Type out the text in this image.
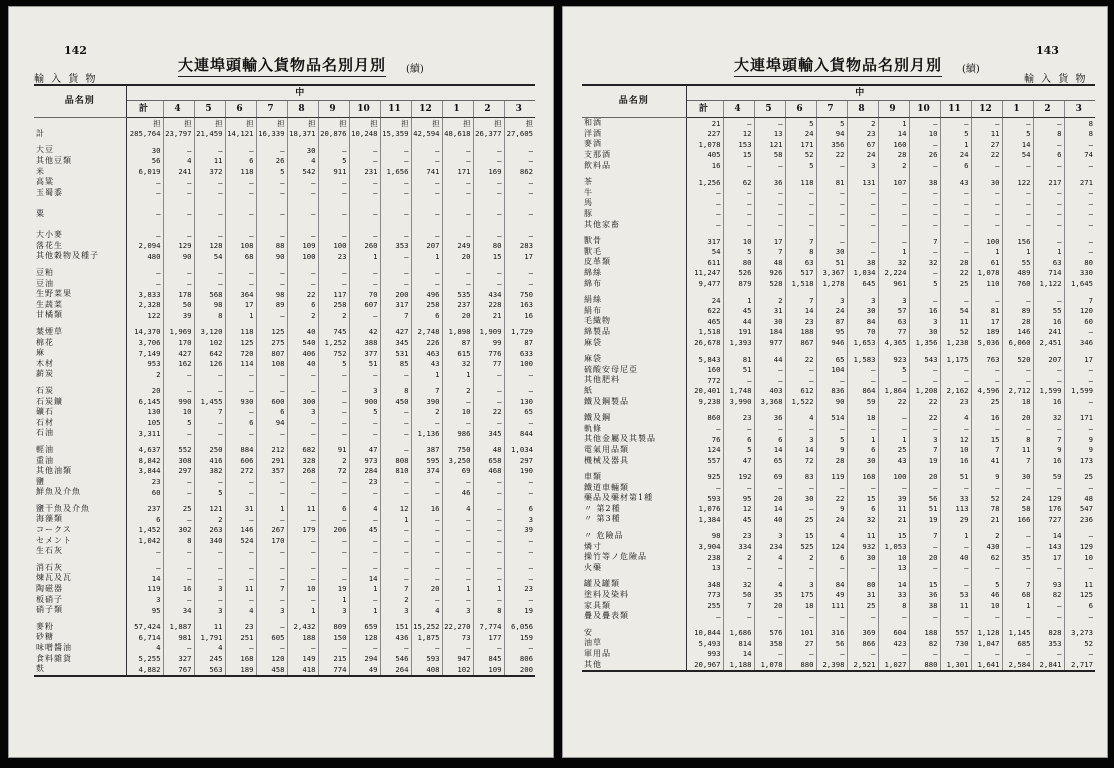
142
輸 入 貨 物
大連埠頭輸入貨物品名別月別 (續)
品名別	中												
	計	4	5	6	7	8	9	10	11	12	1	2	3
	担	担	担	担	担	担	担	担	担	担	担	担	担
計	285,764	23,797	21,459	14,121	16,339	18,371	20,876	10,248	15,359	42,594	48,618	26,377	27,605

大豆	30	—	—	—	—	30	—	—	—	—	—	—	—
其他豆類	56	4	11	6	26	4	5	—	—	—	—	—	—
米	6,019	241	372	118	5	542	911	231	1,656	741	171	169	862
高粱	—	—	—	—	—	—	—	—	—	—	—	—	—
玉蜀黍	—	—	—	—	—	—	—	—	—	—	—	—	—

粟	—	—	—	—	—	—	—	—	—	—	—	—	—

大小麥	—	—	—	—	—	—	—	—	—	—	—	—	—
落花生	2,094	129	128	108	88	109	100	260	353	207	249	80	283
其他穀物及種子	480	90	54	68	90	100	23	1	—	1	20	15	17

豆粕	—	—	—	—	—	—	—	—	—	—	—	—	—
豆油	—	—	—	—	—	—	—	—	—	—	—	—	—
生野菜果	3,833	178	568	364	98	22	117	70	200	496	535	434	750
生蔬菜	2,328	50	98	17	89	6	258	607	317	258	237	228	163
甘橘類	122	39	8	1	—	2	2	—	7	6	20	21	16

葉煙草	14,370	1,969	3,120	118	125	40	745	42	427	2,748	1,898	1,909	1,729
棉花	3,706	170	102	125	275	540	1,252	388	345	226	87	99	87
麻	7,149	427	642	720	807	406	752	377	531	463	615	776	633
木材	953	162	126	114	108	40	5	51	85	43	32	77	100
薪炭	2	—	—	—	—	—	—	—	—	1	1	—	—

石炭	20	—	—	—	—	—	—	3	8	7	2	—	—
石炭鑛	6,145	990	1,455	930	600	300	—	900	450	390	—	—	130
礦石	130	10	7	—	6	3	—	5	—	2	10	22	65
石材	105	5	—	6	94	—	—	—	—	—	—	—	—
石油	3,311	—	—	—	—	—	—	—	—	1,136	986	345	844

輕油	4,637	552	250	884	212	682	91	47	—	387	750	48	1,034
重油	8,842	308	416	606	291	328	2	973	808	595	3,250	658	297
其他油類	3,844	297	382	272	357	268	72	284	810	374	69	468	190
鹽	23	—	—	—	—	—	—	23	—	—	—	—	—
鮮魚及介魚	60	—	5	—	—	—	—	—	—	—	46	—	—

鹽干魚及介魚	237	25	121	31	1	11	6	4	12	16	4	—	6
海藻類	6	—	2	—	—	—	—	—	1	—	—	—	3
コークス	1,452	302	263	146	267	179	206	45	—	—	—	—	39
セメント	1,042	8	340	524	170	—	—	—	—	—	—	—	—
生石灰	—	—	—	—	—	—	—	—	—	—	—	—	—

消石灰	—	—	—	—	—	—	—	—	—	—	—	—	—
煉瓦及瓦	14	—	—	—	—	—	—	14	—	—	—	—	—
陶磁器	119	16	3	11	7	10	19	1	7	20	1	1	23
板硝子	3	—	—	—	—	—	1	—	2	—	—	—	—
硝子類	95	34	3	4	3	1	3	1	3	4	3	8	19

麥粉	57,424	1,887	11	23	—	2,432	809	659	151	15,252	22,270	7,774	6,056
砂糖	6,714	981	1,791	251	605	188	150	128	436	1,875	73	177	159
味噌醬油	4	—	4	—	—	—	—	—	—	—	—	—	—
食料雜貨	5,255	327	245	168	120	149	215	294	546	593	947	845	806
麩	4,882	767	563	189	458	418	774	49	264	408	102	109	200
143
輸 入 貨 物
大連埠頭輸入貨物品名別月別 (續)
品名別	中												
	計	4	5	6	7	8	9	10	11	12	1	2	3
和酒	21	—	—	5	5	2	1	—	—	—	—	—	8
洋酒	227	12	13	24	94	23	14	10	5	11	5	8	8
麥酒	1,078	153	121	171	356	67	160	—	1	27	14	—	—
支那酒	405	15	58	52	22	24	28	26	24	22	54	6	74
飲料品	16	—	—	5	—	3	2	—	6	—	—	—	—

茶	1,256	62	36	118	81	131	107	38	43	30	122	217	271
牛	—	—	—	—	—	—	—	—	—	—	—	—	—
馬	—	—	—	—	—	—	—	—	—	—	—	—	—
豚	—	—	—	—	—	—	—	—	—	—	—	—	—
其他家畜	—	—	—	—	—	—	—	—	—	—	—	—	—

獸骨	317	10	17	7	—	—	—	7	—	100	156	—	—
獸毛	54	5	7	8	30	—	1	—	—	1	1	1	—
皮革類	611	80	48	63	51	38	32	32	28	61	55	63	80
綿絲	11,247	526	926	517	3,367	1,034	2,224	—	22	1,078	489	714	330
綿布	9,477	879	528	1,518	1,278	645	961	5	25	110	760	1,122	1,645

絹絲	24	1	2	7	3	3	3	—	—	—	—	—	7
絹布	622	45	31	14	24	30	57	16	54	81	89	55	120
毛織物	465	44	30	23	87	84	63	3	11	17	28	16	60
綿製品	1,518	191	184	188	95	70	77	30	52	189	146	241	—
麻袋	26,678	1,393	977	867	946	1,653	4,365	1,356	1,238	5,036	6,060	2,451	346

麻袋	5,843	81	44	22	65	1,583	923	543	1,175	763	520	207	17
硫酸安母尼亞	160	51	—	—	104	—	5	—	—	—	—	—	—
其他肥料	772	—	—	—	—	—	—	—	—	—	—	—	—
紙	20,401	1,748	403	612	836	864	1,864	1,208	2,162	4,596	2,712	1,599	1,599
鐵及鋼製品	9,238	3,990	3,368	1,522	90	59	22	22	23	25	18	16	—

鐵及鋼	860	23	36	4	514	18	—	22	4	16	20	32	171
軌條	—	—	—	—	—	—	—	—	—	—	—	—	—
其他金屬及其製品	76	6	6	3	5	1	1	3	12	15	8	7	9
電氣用品類	124	5	14	14	9	6	25	7	10	7	11	9	9
機械及器具	557	47	65	72	28	30	43	19	16	41	7	16	173

車類	925	192	69	83	119	168	100	20	51	9	30	59	25
鐵道車輛類	—	—	—	—	—	—	—	—	—	—	—	—	—
藥品及藥材第1種	593	95	20	30	22	15	39	56	33	52	24	129	48
〃 第2種	1,076	12	14	—	9	6	11	51	113	78	58	176	547
〃 第3種	1,384	45	40	25	24	32	21	19	29	21	166	727	236

〃 危險品	98	23	3	15	4	11	15	7	1	2	—	14	—
燐寸	3,904	334	234	525	124	932	1,053	—	—	430	—	143	129
操竹等ノ危險品	238	2	4	2	6	30	10	20	40	62	35	17	10
火藥	13	—	—	—	—	—	13	—	—	—	—	—	—

罐及罐類	348	32	4	3	84	80	14	15	—	5	7	93	11
塗料及染料	773	50	35	175	49	31	33	36	53	46	68	82	125
家具類	255	7	20	18	111	25	8	38	11	10	1	—	6
疊及疊表類	—	—	—	—	—	—	—	—	—	—	—	—	—

安	10,844	1,686	576	101	316	369	604	188	557	1,128	1,145	828	3,273
油草	5,493	814	358	27	56	866	423	82	730	1,047	685	353	52
軍用品	993	14	—	—	—	—	—	—	—	—	—	—	—
其他	20,967	1,188	1,078	880	2,398	2,521	1,027	880	1,301	1,641	2,584	2,841	2,717
